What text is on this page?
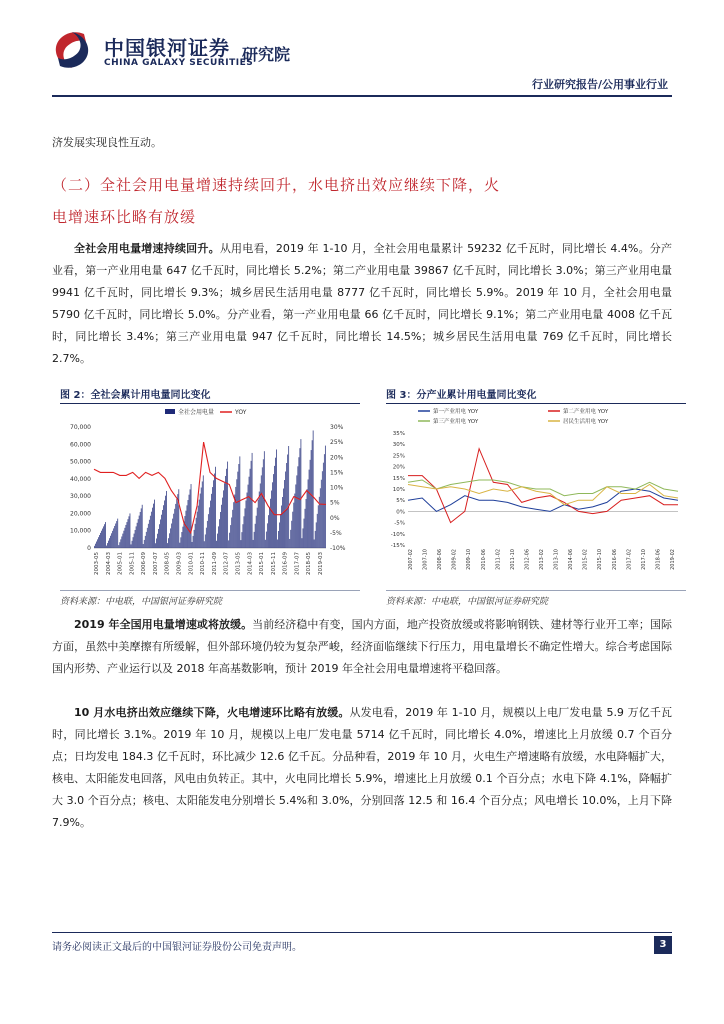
中国银河证券
CHINA GALAXY SECURITIES
研究院
行业研究报告/公用事业行业

济发展实现良性互动。

（二）全社会用电量增速持续回升，水电挤出效应继续下降，火

电增速环比略有放缓

全社会用电量增速持续回升。从用电看，2019 年 1-10 月，全社会用电量累计 59232 亿千瓦时，同比增长 4.4%。分产业看，第一产业用电量 647 亿千瓦时，同比增长 5.2%；第二产业用电量 39867 亿千瓦时，同比增长 3.0%；第三产业用电量 9941 亿千瓦时，同比增长 9.3%；城乡居民生活用电量 8777 亿千瓦时，同比增长 5.9%。2019 年 10 月，全社会用电量 5790 亿千瓦时，同比增长 5.0%。分产业看，第一产业用电量 66 亿千瓦时，同比增长 9.1%；第二产业用电量 4008 亿千瓦时，同比增长 3.4%；第三产业用电量 947 亿千瓦时，同比增长 14.5%；城乡居民生活用电量 769 亿千瓦时，同比增长 2.7%。

图 2：全社会累计用电量同比变化
全社会用电量	YOY
70,000
60,000
50,000
40,000
30,000
20,000
10,000
0
30%
25%
20%
15%
10%
5%
0%
-5%
-10%
2003-05 2004-03 2005-01 2005-11 2006-09 2007-07 2008-05 2009-03 2010-01 2010-11 2011-09 2012-07 2013-05 2014-03 2015-01 2015-11 2016-09 2017-07 2018-05 2019-03
资料来源：中电联，中国银河证券研究院
图 3：分产业累计用电量同比变化
第一产业用电 YOY	第二产业用电 YOY
第三产业用电 YOY	居民生活用电 YOY
35%
30%
25%
20%
15%
10%
5%
0%
-5%
-10%
-15%
2007-02 2007-10 2008-06 2009-02 2009-10 2010-06 2011-02 2011-10 2012-06 2013-02 2013-10 2014-06 2015-02 2015-10 2016-06 2017-02 2017-10 2018-06 2019-02
资料来源：中电联，中国银河证券研究院

2019 年全国用电量增速或将放缓。当前经济稳中有变，国内方面，地产投资放缓或将影响钢铁、建材等行业开工率；国际方面，虽然中美摩擦有所缓解，但外部环境仍较为复杂严峻，经济面临继续下行压力，用电量增长不确定性增大。综合考虑国际国内形势、产业运行以及 2018 年高基数影响，预计 2019 年全社会用电量增速将平稳回落。

10 月水电挤出效应继续下降，火电增速环比略有放缓。从发电看，2019 年 1-10 月，规模以上电厂发电量 5.9 万亿千瓦时，同比增长 3.1%。2019 年 10 月，规模以上电厂发电量 5714 亿千瓦时，同比增长 4.0%，增速比上月放缓 0.7 个百分点；日均发电 184.3 亿千瓦时，环比减少 12.6 亿千瓦。分品种看，2019 年 10 月，火电生产增速略有放缓，水电降幅扩大，核电、太阳能发电回落，风电由负转正。其中，火电同比增长 5.9%，增速比上月放缓 0.1 个百分点；水电下降 4.1%，降幅扩大 3.0 个百分点；核电、太阳能发电分别增长 5.4%和 3.0%，分别回落 12.5 和 16.4 个百分点；风电增长 10.0%，上月下降 7.9%。

请务必阅读正文最后的中国银河证券股份公司免责声明。	3
